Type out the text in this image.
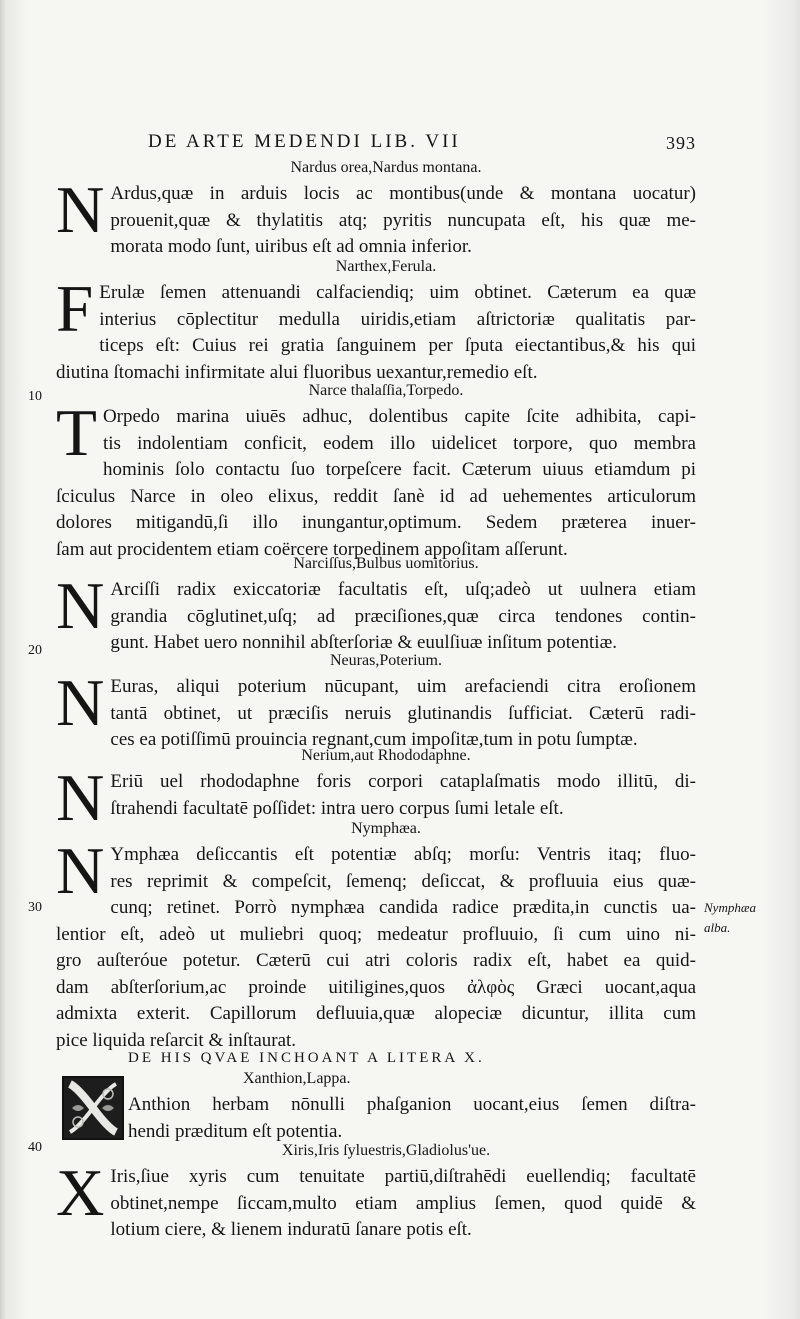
DE ARTE MEDENDI LIB. VII	393
Nardus orea,Nardus montana.
N Ardus,quæ in arduis locis ac montibus(unde & montana uocatur)
prouenit,quæ & thylatitis atq; pyritis nuncupata eſt, his quæ me-
morata modo ſunt, uiribus eſt ad omnia inferior.
Narthex,Ferula.
F Erulæ ſemen attenuandi calfaciendiq; uim obtinet. Cæterum ea quæ
interius cōplectitur medulla uiridis,etiam aſtrictoriæ qualitatis par-
ticeps eſt: Cuius rei gratia ſanguinem per ſputa eiectantibus,& his qui
diutina ſtomachi infirmitate alui fluoribus uexantur,remedio eſt.
Narce thalaſſia,Torpedo.
T Orpedo marina uiuēs adhuc, dolentibus capite ſcite adhibita, capi-
tis indolentiam conficit, eodem illo uidelicet torpore, quo membra
hominis ſolo contactu ſuo torpeſcere facit. Cæterum uiuus etiamdum pi
ſciculus Narce in oleo elixus, reddit ſanè id ad uehementes articulorum
dolores mitigandū,ſi illo inungantur,optimum. Sedem præterea inuer-
ſam aut procidentem etiam coërcere torpedinem appoſitam aſſerunt.
Narciſſus,Bulbus uomitorius.
N Arciſſi radix exiccatoriæ facultatis eſt, uſq;adeò ut uulnera etiam
grandia cōglutinet,uſq; ad præciſiones,quæ circa tendones contin-
gunt. Habet uero nonnihil abſterſoriæ & euulſiuæ inſitum potentiæ.
Neuras,Poterium.
N Euras, aliqui poterium nūcupant, uim arefaciendi citra eroſionem
tantā obtinet, ut præciſis neruis glutinandis ſufficiat. Cæterū radi-
ces ea potiſſimū prouincia regnant,cum impoſitæ,tum in potu ſumptæ.
Nerium,aut Rhododaphne.
N Eriū uel rhododaphne foris corpori cataplaſmatis modo illitū, di-
ſtrahendi facultatē poſſidet: intra uero corpus ſumi letale eſt.
Nymphæa.
N Ymphæa deſiccantis eſt potentiæ abſq; morſu: Ventris itaq; fluo-
res reprimit & compeſcit, ſemenq; deſiccat, & profluuia eius quæ-
cunq; retinet. Porrò nymphæa candida radice prædita,in cunctis ua-
lentior eſt, adeò ut muliebri quoq; medeatur profluuio, ſi cum uino ni-
gro auſteróue potetur. Cæterū cui atri coloris radix eſt, habet ea quid-
dam abſterſorium,ac proinde uitiligines,quos ἀλφὸς Græci uocant,aqua
admixta exterit. Capillorum defluuia,quæ alopeciæ dicuntur, illita cum
pice liquida reſarcit & inſtaurat.
Nymphæa
alba.
DE HIS QVAE INCHOANT A LITERA X.
Xanthion,Lappa.
Anthion herbam nōnulli phaſganion uocant,eius ſemen diſtra-
hendi præditum eſt potentia.
Xiris,Iris ſyluestris,Gladiolus'ue.
X Iris,ſiue xyris cum tenuitate partiū,diſtrahēdi euellendiq; facultatē
obtinet,nempe ſiccam,multo etiam amplius ſemen, quod quidē &
lotium ciere, & lienem induratū ſanare potis eſt.
10
20
30
40
